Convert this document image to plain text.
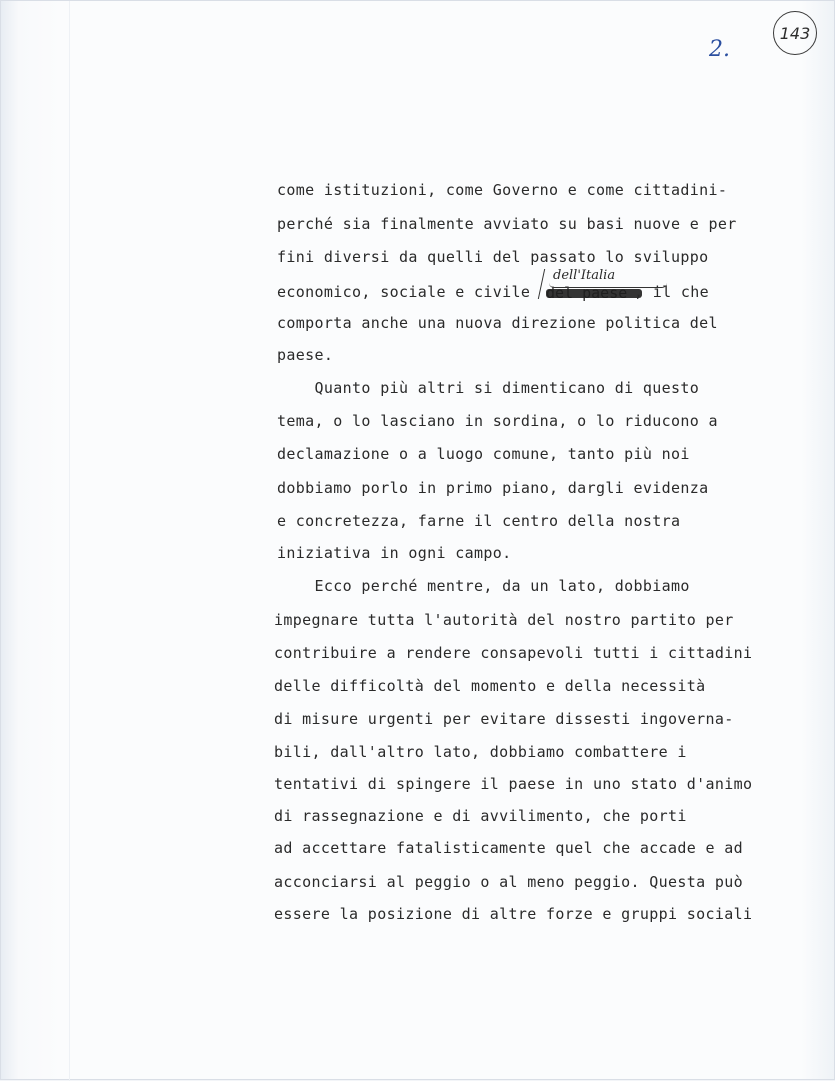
143
2.
come istituzioni, come Governo e come cittadini-
perché sia finalmente avviato su basi nuove e per
fini diversi da quelli del passato lo sviluppo
economico, sociale e civile
dell'Italia
, il che
comporta anche una nuova direzione politica del
paese.
Quanto più altri si dimenticano di questo
tema, o lo lasciano in sordina, o lo riducono a
declamazione o a luogo comune, tanto più noi
dobbiamo porlo in primo piano, dargli evidenza
e concretezza, farne il centro della nostra
iniziativa in ogni campo.
Ecco perché mentre, da un lato, dobbiamo
impegnare tutta l'autorità del nostro partito per
contribuire a rendere consapevoli tutti i cittadini
delle difficoltà del momento e della necessità
di misure urgenti per evitare dissesti ingoverna-
bili, dall'altro lato, dobbiamo combattere i
tentativi di spingere il paese in uno stato d'animo
di rassegnazione e di avvilimento, che porti
ad accettare fatalisticamente quel che accade e ad
acconciarsi al peggio o al meno peggio. Questa può
essere la posizione di altre forze e gruppi sociali
